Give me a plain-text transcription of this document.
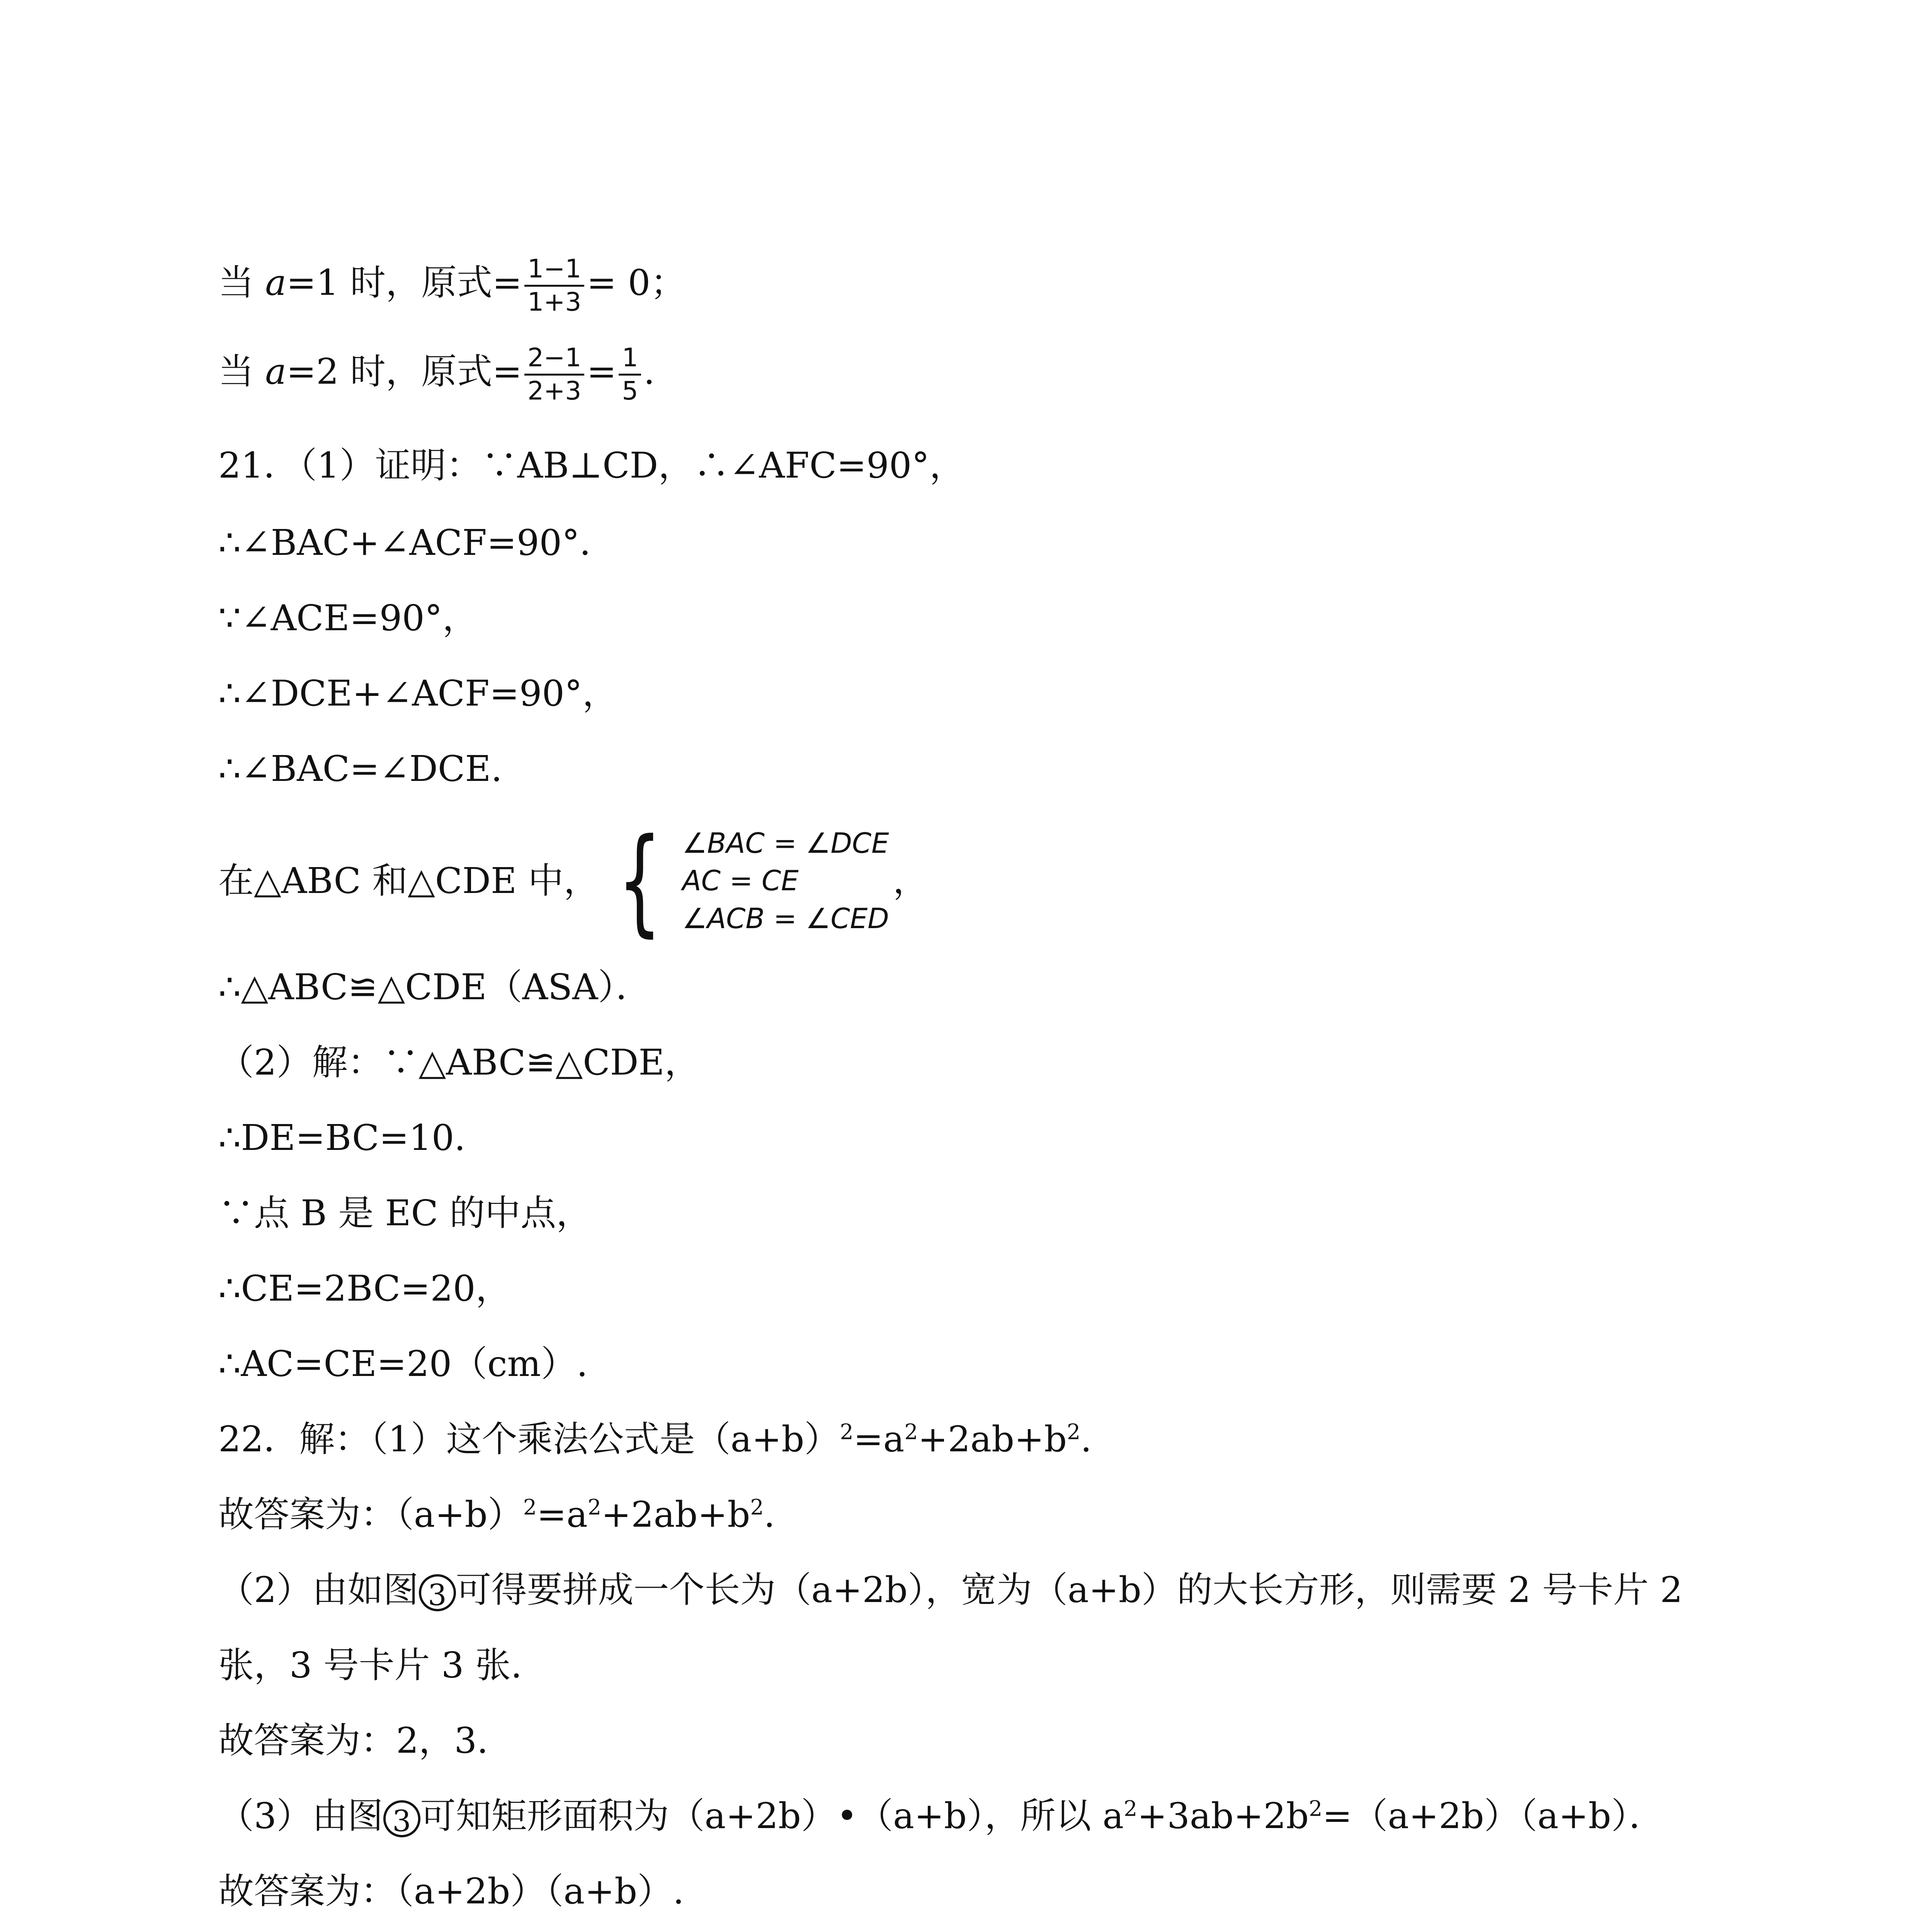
当 a=1 时，原式= $\frac{1-1}{1+3} = 0$；
当 a=2 时，原式= $\frac{2-1}{2+3} = \frac{1}{5}$ .
21．（1）证明：∵AB⊥CD，∴∠AFC=90°，
∴∠BAC+∠ACF=90°．
∵∠ACE=90°，
∴∠DCE+∠ACF=90°，
∴∠BAC=∠DCE.
在△ABC 和△CDE 中， { ∠BAC = ∠DCE
AC = CE
∠ACB = ∠CED
，
∴△ABC≌△CDE（ASA）．
（2）解：∵△ABC≌△CDE，
∴DE=BC=10.
∵点 B 是 EC 的中点，
∴CE=2BC=20，
∴AC=CE=20（cm）.
22．解：（1）这个乘法公式是$(a+b)^2=a^2+2ab+b^2$.
故答案为：$(a+b)^2=a^2+2ab+b^2$.
（2）由如图 3 可得要拼成一个长为（a+2b），宽为（a+b）的大长方形，则需要 2 号卡片 2
张，3 号卡片 3 张.
故答案为：2，3.
（3）由图 3 可知矩形面积为（a+2b）•（a+b），所以 $a^2+3ab+2b^2=(a+2b)(a+b)$．
故答案为：（a+2b）（a+b）.
